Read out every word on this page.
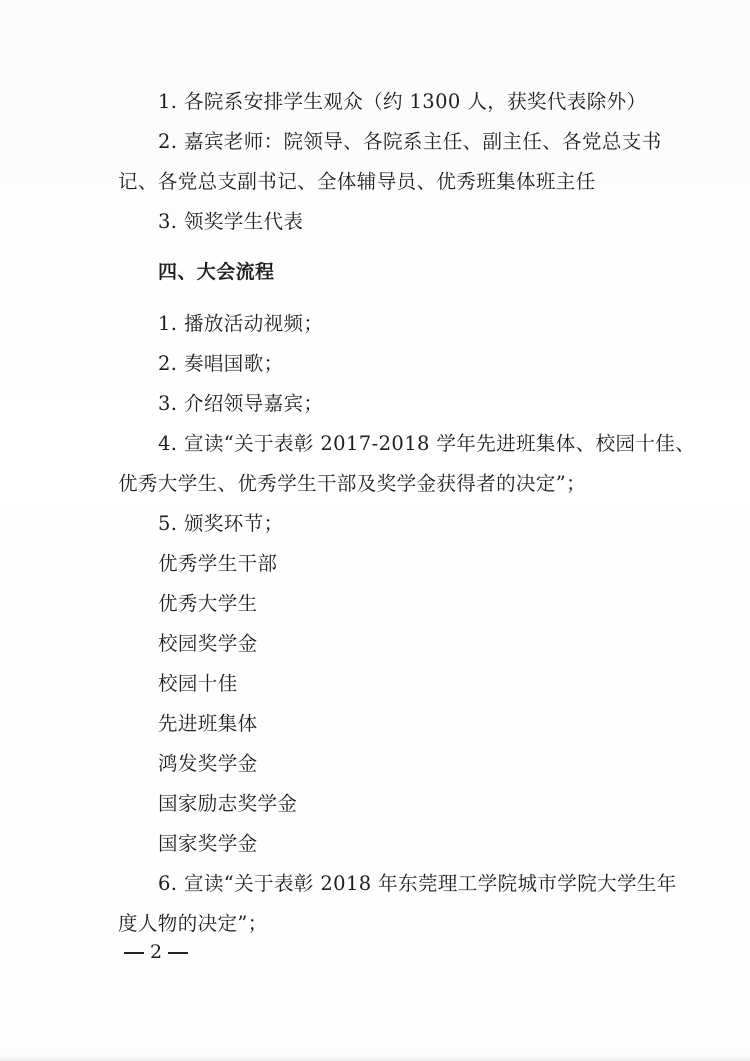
1. 各院系安排学生观众（约 1300 人，获奖代表除外）
2. 嘉宾老师：院领导、各院系主任、副主任、各党总支书
记、各党总支副书记、全体辅导员、优秀班集体班主任
3. 领奖学生代表
四、大会流程
1. 播放活动视频；
2. 奏唱国歌；
3. 介绍领导嘉宾；
4. 宣读“关于表彰 2017-2018 学年先进班集体、校园十佳、
优秀大学生、优秀学生干部及奖学金获得者的决定”；
5. 颁奖环节；
优秀学生干部
优秀大学生
校园奖学金
校园十佳
先进班集体
鸿发奖学金
国家励志奖学金
国家奖学金
6. 宣读“关于表彰 2018 年东莞理工学院城市学院大学生年
度人物的决定”；
2
